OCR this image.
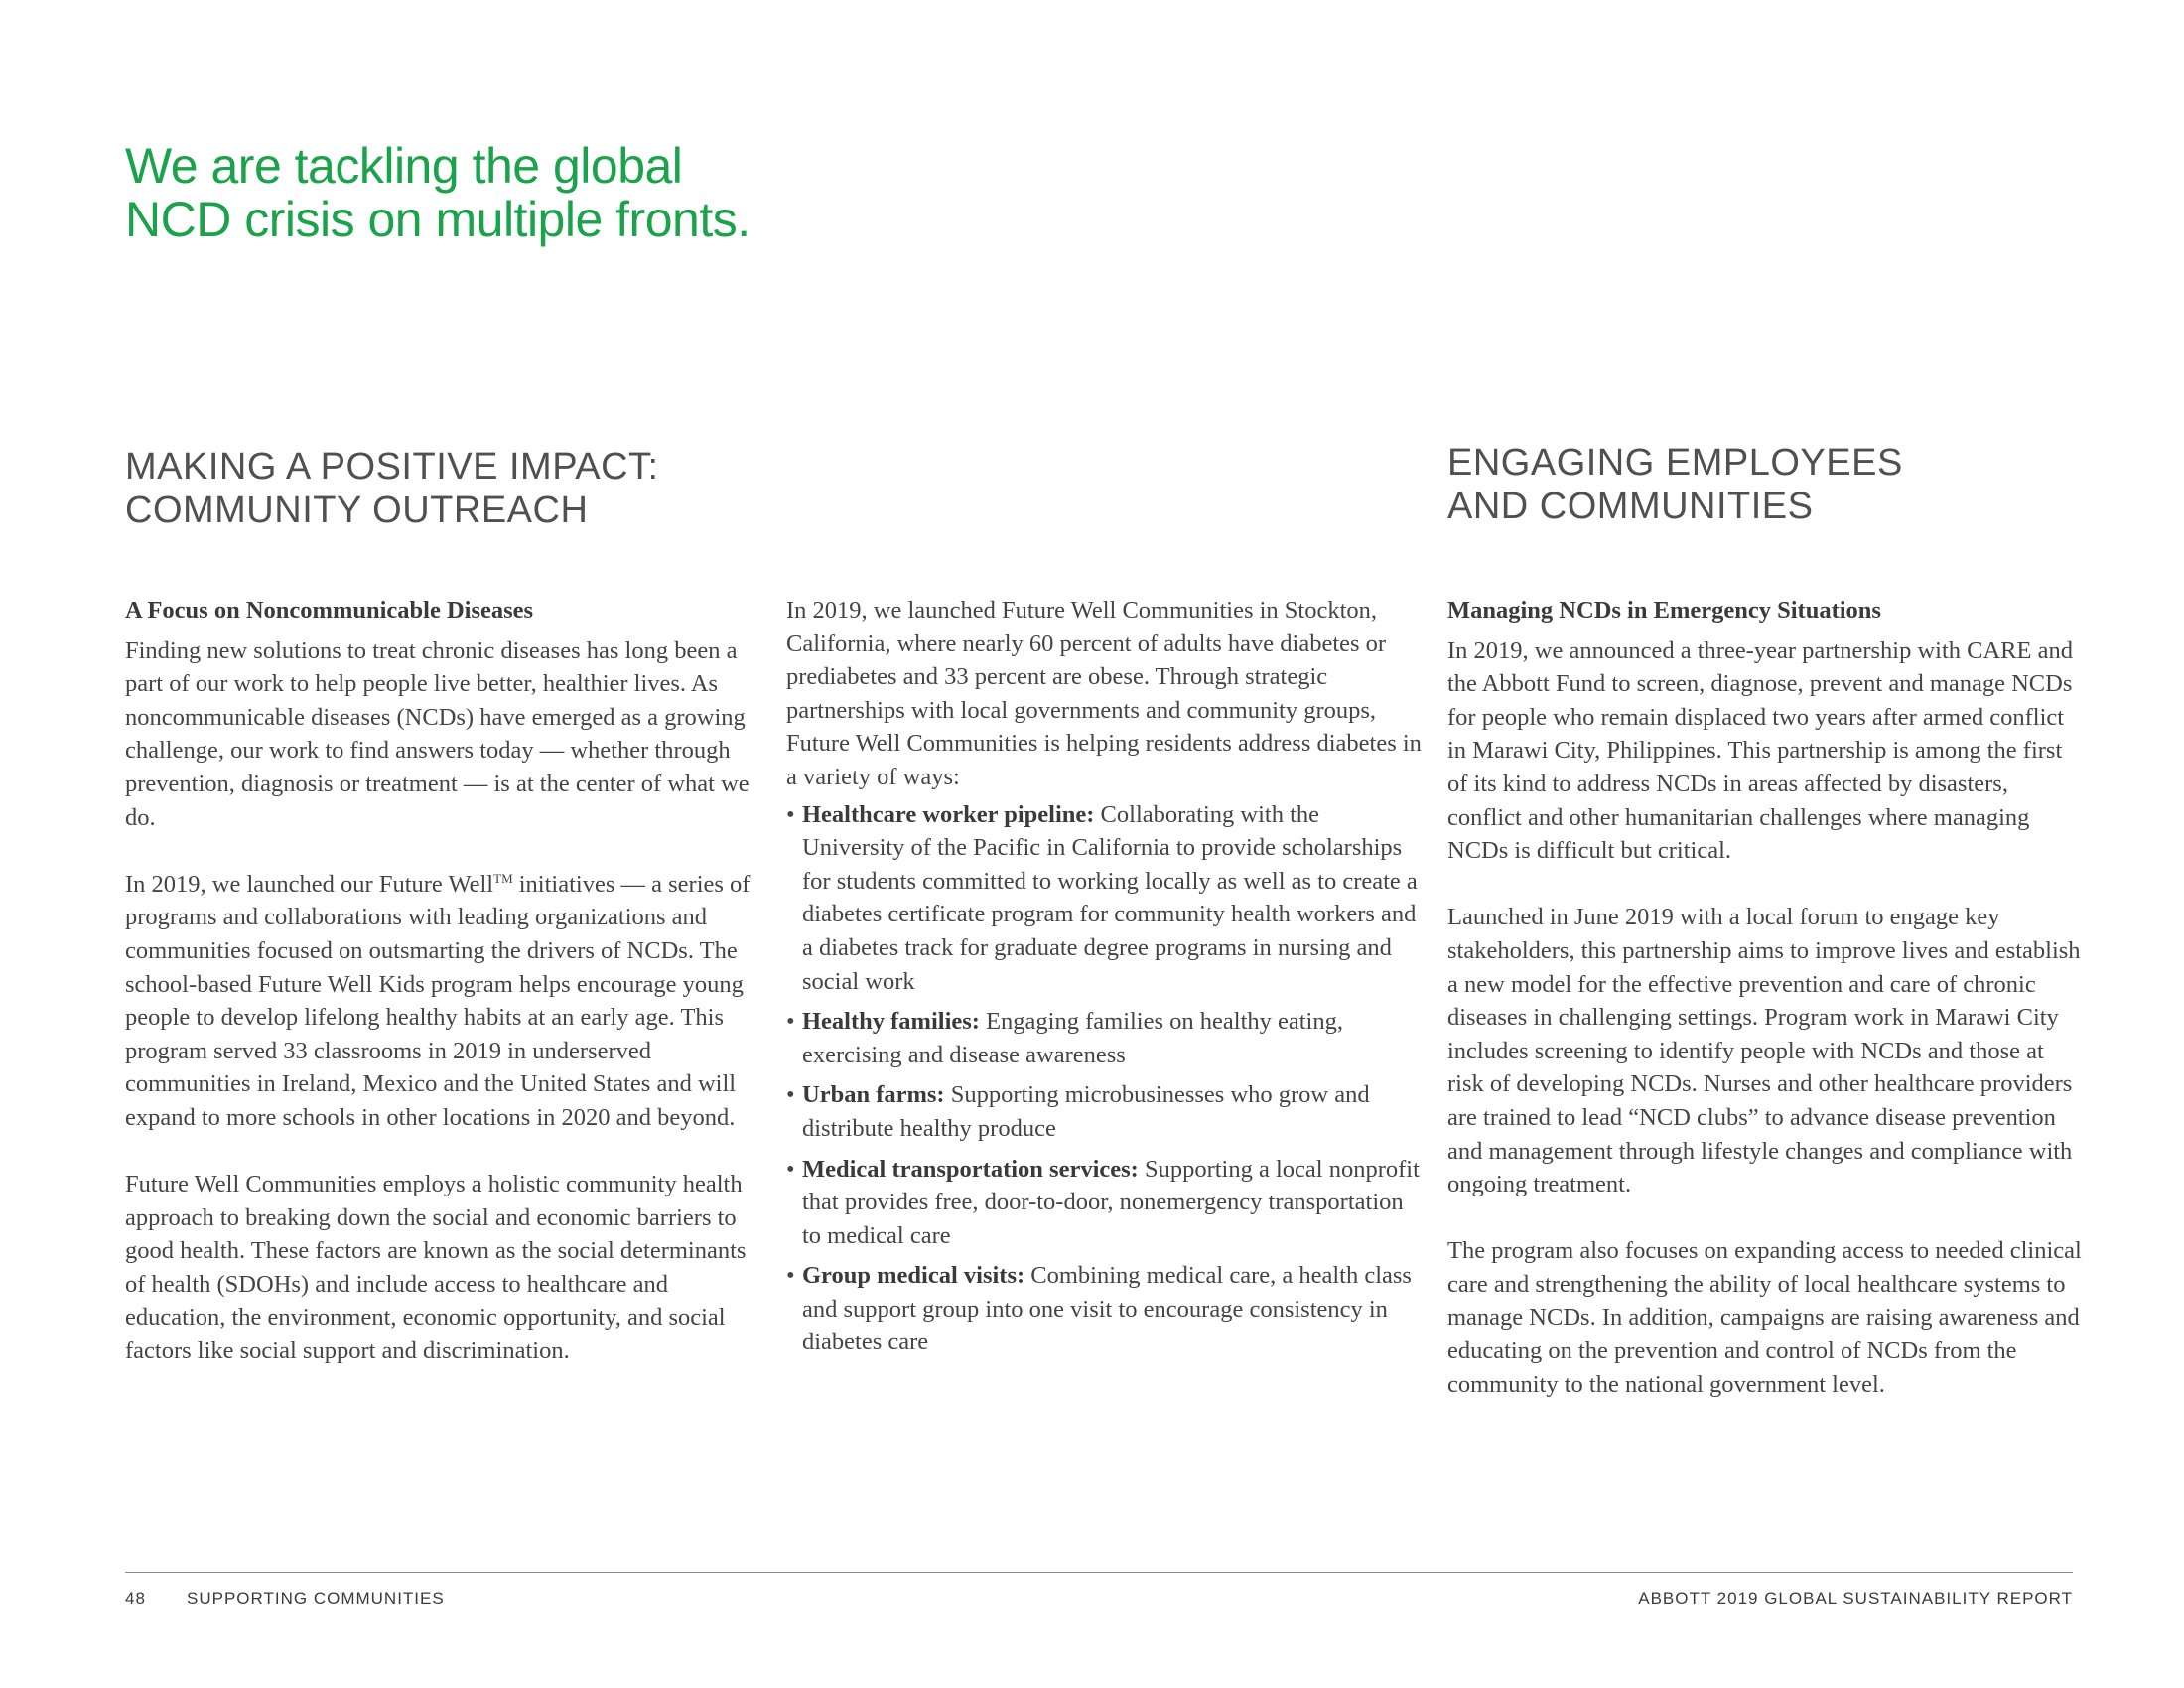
We are tackling the global
NCD crisis on multiple fronts.
MAKING A POSITIVE IMPACT:
COMMUNITY OUTREACH
ENGAGING EMPLOYEES
AND COMMUNITIES
A Focus on Noncommunicable Diseases

Finding new solutions to treat chronic diseases has long been a part of our work to help people live better, healthier lives. As noncommunicable diseases (NCDs) have emerged as a growing challenge, our work to find answers today — whether through prevention, diagnosis or treatment — is at the center of what we do.

In 2019, we launched our Future Well™ initiatives — a series of programs and collaborations with leading organizations and communities focused on outsmarting the drivers of NCDs. The school-based Future Well Kids program helps encourage young people to develop lifelong healthy habits at an early age. This program served 33 classrooms in 2019 in underserved communities in Ireland, Mexico and the United States and will expand to more schools in other locations in 2020 and beyond.

Future Well Communities employs a holistic community health approach to breaking down the social and economic barriers to good health. These factors are known as the social determinants of health (SDOHs) and include access to healthcare and education, the environment, economic opportunity, and social factors like social support and discrimination.

In 2019, we launched Future Well Communities in Stockton, California, where nearly 60 percent of adults have diabetes or prediabetes and 33 percent are obese. Through strategic partnerships with local governments and community groups, Future Well Communities is helping residents address diabetes in a variety of ways:

• Healthcare worker pipeline: Collaborating with the University of the Pacific in California to provide scholarships for students committed to working locally as well as to create a diabetes certificate program for community health workers and a diabetes track for graduate degree programs in nursing and social work
• Healthy families: Engaging families on healthy eating, exercising and disease awareness
• Urban farms: Supporting microbusinesses who grow and distribute healthy produce
• Medical transportation services: Supporting a local nonprofit that provides free, door-to-door, nonemergency transportation to medical care
• Group medical visits: Combining medical care, a health class and support group into one visit to encourage consistency in diabetes care
Managing NCDs in Emergency Situations

In 2019, we announced a three-year partnership with CARE and the Abbott Fund to screen, diagnose, prevent and manage NCDs for people who remain displaced two years after armed conflict in Marawi City, Philippines. This partnership is among the first of its kind to address NCDs in areas affected by disasters, conflict and other humanitarian challenges where managing NCDs is difficult but critical.

Launched in June 2019 with a local forum to engage key stakeholders, this partnership aims to improve lives and establish a new model for the effective prevention and care of chronic diseases in challenging settings. Program work in Marawi City includes screening to identify people with NCDs and those at risk of developing NCDs. Nurses and other healthcare providers are trained to lead “NCD clubs” to advance disease prevention and management through lifestyle changes and compliance with ongoing treatment.

The program also focuses on expanding access to needed clinical care and strengthening the ability of local healthcare systems to manage NCDs. In addition, campaigns are raising awareness and educating on the prevention and control of NCDs from the community to the national government level.

48 SUPPORTING COMMUNITIES	ABBOTT 2019 GLOBAL SUSTAINABILITY REPORT
